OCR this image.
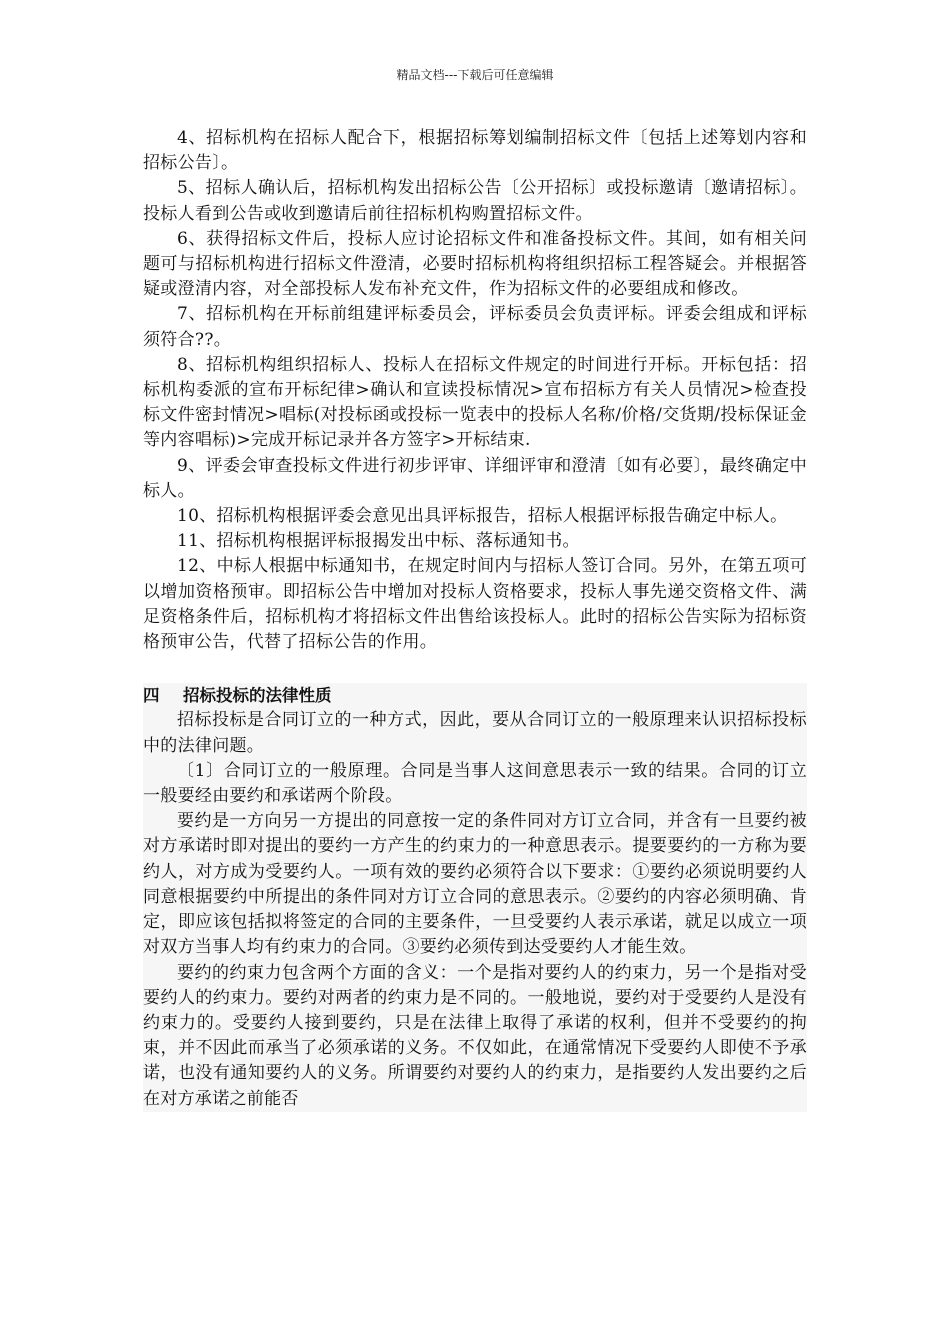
精品文档---下载后可任意编辑

4、招标机构在招标人配合下，根据招标筹划编制招标文件〔包括上述筹划内容和招标公告〕。

5、招标人确认后，招标机构发出招标公告〔公开招标〕或投标邀请〔邀请招标〕。投标人看到公告或收到邀请后前往招标机构购置招标文件。

6、获得招标文件后，投标人应讨论招标文件和准备投标文件。其间，如有相关问题可与招标机构进行招标文件澄清，必要时招标机构将组织招标工程答疑会。并根据答疑或澄清内容，对全部投标人发布补充文件，作为招标文件的必要组成和修改。

7、招标机构在开标前组建评标委员会，评标委员会负责评标。评委会组成和评标须符合??。

8、招标机构组织招标人、投标人在招标文件规定的时间进行开标。开标包括：招标机构委派的宣布开标纪律>确认和宣读投标情况>宣布招标方有关人员情况>检查投标文件密封情况>唱标(对投标函或投标一览表中的投标人名称/价格/交货期/投标保证金等内容唱标)>完成开标记录并各方签字>开标结束.

9、评委会审查投标文件进行初步评审、详细评审和澄清〔如有必要〕，最终确定中标人。

10、招标机构根据评委会意见出具评标报告，招标人根据评标报告确定中标人。

11、招标机构根据评标报揭发出中标、落标通知书。

12、中标人根据中标通知书，在规定时间内与招标人签订合同。另外，在第五项可以增加资格预审。即招标公告中增加对投标人资格要求，投标人事先递交资格文件、满足资格条件后，招标机构才将招标文件出售给该投标人。此时的招标公告实际为招标资格预审公告，代替了招标公告的作用。

四 招标投标的法律性质

招标投标是合同订立的一种方式，因此，要从合同订立的一般原理来认识招标投标中的法律问题。

〔1〕合同订立的一般原理。合同是当事人这间意思表示一致的结果。合同的订立一般要经由要约和承诺两个阶段。

要约是一方向另一方提出的同意按一定的条件同对方订立合同，并含有一旦要约被对方承诺时即对提出的要约一方产生的约束力的一种意思表示。提要要约的一方称为要约人，对方成为受要约人。一项有效的要约必须符合以下要求：①要约必须说明要约人同意根据要约中所提出的条件同对方订立合同的意思表示。②要约的内容必须明确、肯定，即应该包括拟将签定的合同的主要条件，一旦受要约人表示承诺，就足以成立一项对双方当事人均有约束力的合同。③要约必须传到达受要约人才能生效。

要约的约束力包含两个方面的含义：一个是指对要约人的约束力，另一个是指对受要约人的约束力。要约对两者的约束力是不同的。一般地说，要约对于受要约人是没有约束力的。受要约人接到要约，只是在法律上取得了承诺的权利，但并不受要约的拘束，并不因此而承当了必须承诺的义务。不仅如此，在通常情况下受要约人即使不予承诺，也没有通知要约人的义务。所谓要约对要约人的约束力，是指要约人发出要约之后在对方承诺之前能否
